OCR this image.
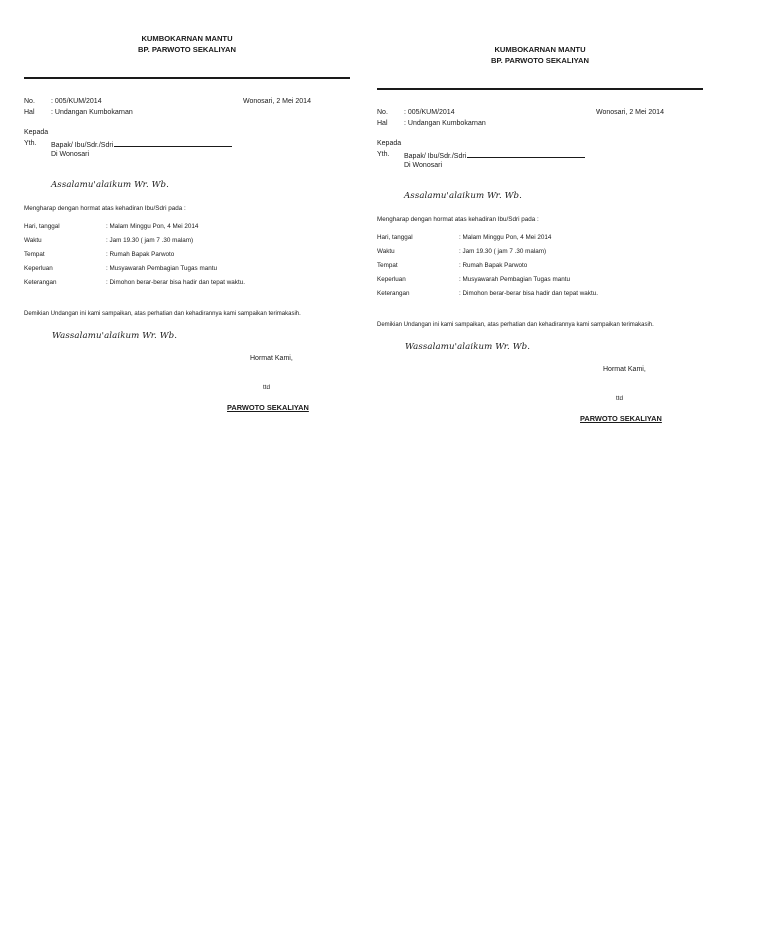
KUMBOKARNAN MANTU
BP. PARWOTO SEKALIYAN
No. : 005/KUM/2014	Wonosari, 2 Mei 2014
Hal : Undangan Kumbokarnan
Kepada
Yth. Bapak/ Ibu/Sdr./Sdri
Di Wonosari
Assalamu'alaikum Wr. Wb.
Mengharap dengan hormat atas kehadiran Ibu/Sdri pada :
Hari, tanggal	: Malam Minggu Pon, 4 Mei 2014
Waktu	: Jam 19.30 ( jam 7 .30 malam)
Tempat	: Rumah Bapak Parwoto
Keperluan	: Musyawarah Pembagian Tugas mantu
Keterangan	: Dimohon berar-berar bisa hadir dan tepat waktu.
Demikian Undangan ini kami sampaikan, atas perhatian dan kehadirannya kami sampaikan terimakasih.
Wassalamu'alaikum Wr. Wb.
Hormat Kami,
ttd
PARWOTO SEKALIYAN
KUMBOKARNAN MANTU
BP. PARWOTO SEKALIYAN
No. : 005/KUM/2014	Wonosari, 2 Mei 2014
Hal : Undangan Kumbokarnan
Kepada
Yth. Bapak/ Ibu/Sdr./Sdri
Di Wonosari
Assalamu'alaikum Wr. Wb.
Mengharap dengan hormat atas kehadiran Ibu/Sdri pada :
Hari, tanggal	: Malam Minggu Pon, 4 Mei 2014
Waktu	: Jam 19.30 ( jam 7 .30 malam)
Tempat	: Rumah Bapak Parwoto
Keperluan	: Musyawarah Pembagian Tugas mantu
Keterangan	: Dimohon berar-berar bisa hadir dan tepat waktu.
Demikian Undangan ini kami sampaikan, atas perhatian dan kehadirannya kami sampaikan terimakasih.
Wassalamu'alaikum Wr. Wb.
Hormat Kami,
ttd
PARWOTO SEKALIYAN
